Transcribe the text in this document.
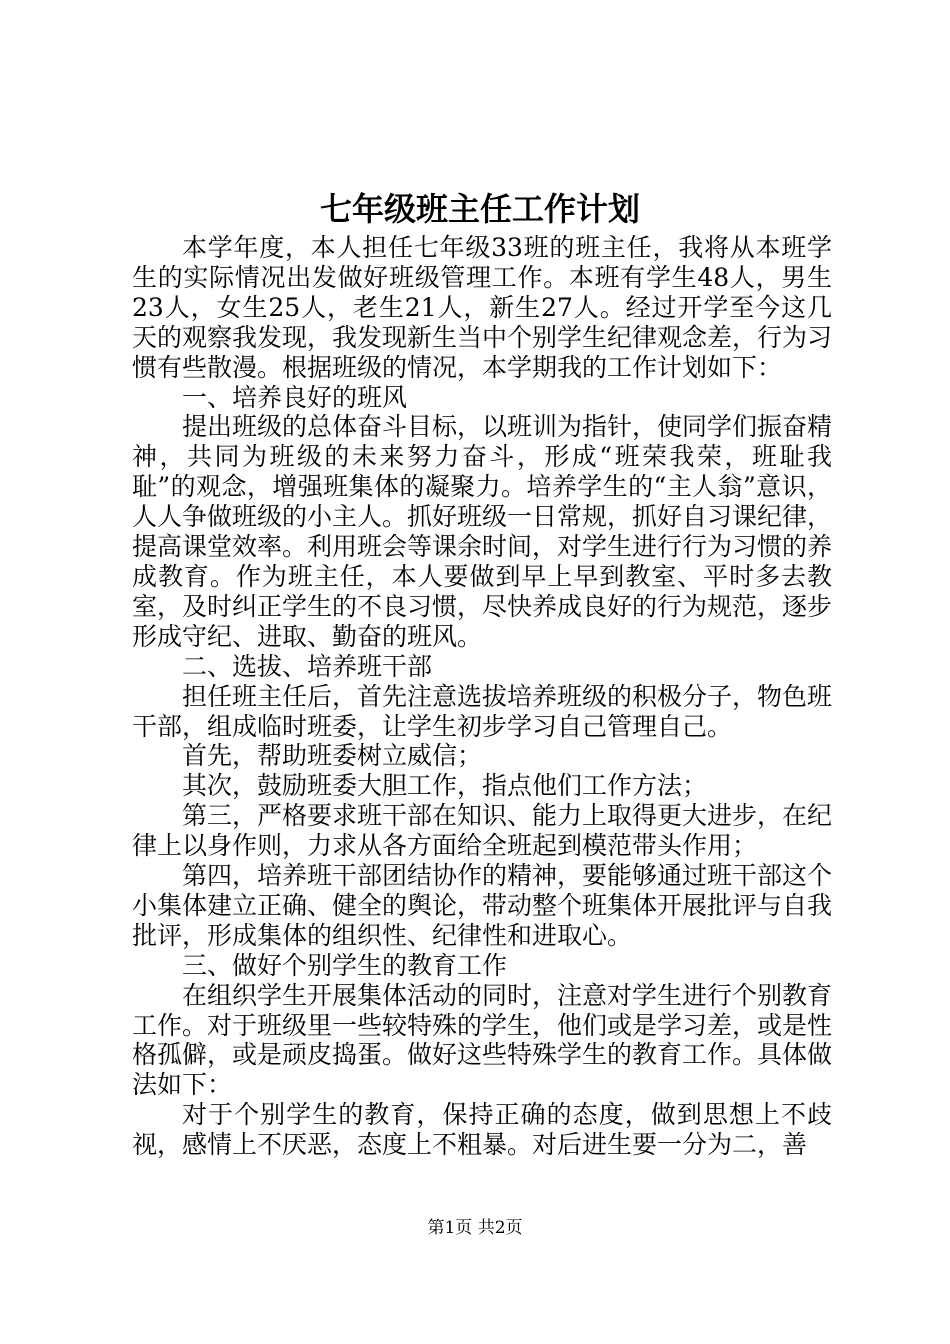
七年级班主任工作计划

本学年度，本人担任七年级33班的班主任，我将从本班学生的实际情况出发做好班级管理工作。本班有学生48人，男生23人，女生25人，老生21人，新生27人。经过开学至今这几天的观察我发现，我发现新生当中个别学生纪律观念差，行为习惯有些散漫。根据班级的情况，本学期我的工作计划如下：

一、培养良好的班风

提出班级的总体奋斗目标，以班训为指针，使同学们振奋精神，共同为班级的未来努力奋斗，形成“班荣我荣，班耻我耻”的观念，增强班集体的凝聚力。培养学生的“主人翁”意识，人人争做班级的小主人。抓好班级一日常规，抓好自习课纪律，提高课堂效率。利用班会等课余时间，对学生进行行为习惯的养成教育。作为班主任，本人要做到早上早到教室、平时多去教室，及时纠正学生的不良习惯，尽快养成良好的行为规范，逐步形成守纪、进取、勤奋的班风。

二、选拔、培养班干部

担任班主任后，首先注意选拔培养班级的积极分子，物色班干部，组成临时班委，让学生初步学习自己管理自己。

首先，帮助班委树立威信；

其次，鼓励班委大胆工作，指点他们工作方法；

第三，严格要求班干部在知识、能力上取得更大进步，在纪律上以身作则，力求从各方面给全班起到模范带头作用；

第四，培养班干部团结协作的精神，要能够通过班干部这个小集体建立正确、健全的舆论，带动整个班集体开展批评与自我批评，形成集体的组织性、纪律性和进取心。

三、做好个别学生的教育工作

在组织学生开展集体活动的同时，注意对学生进行个别教育工作。对于班级里一些较特殊的学生，他们或是学习差，或是性格孤僻，或是顽皮捣蛋。做好这些特殊学生的教育工作。具体做法如下：

对于个别学生的教育，保持正确的态度，做到思想上不歧视，感情上不厌恶，态度上不粗暴。对后进生要一分为二，善

第1页 共2页
